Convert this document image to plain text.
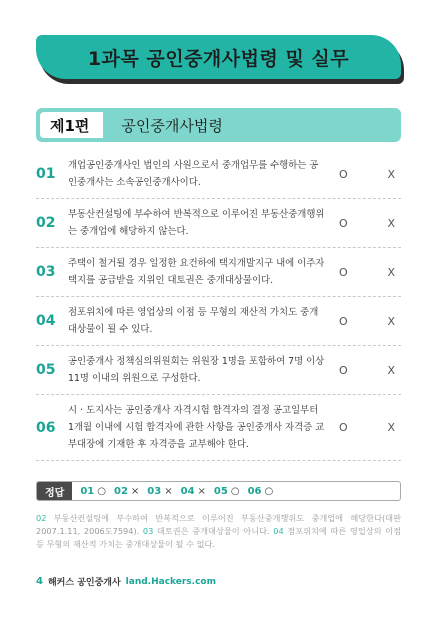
1과목 공인중개사법령 및 실무
제1편	공인중개사법령
01
개업공인중개사인 법인의 사원으로서 중개업무를 수행하는 공인중개사는 소속공인중개사이다.
O	X
02
부동산컨설팅에 부수하여 반복적으로 이루어진 부동산중개행위는 중개업에 해당하지 않는다.
O	X
03
주택이 철거될 경우 일정한 요건하에 택지개발지구 내에 이주자 택지를 공급받을 지위인 대토권은 중개대상물이다.
O	X
04
점포위치에 따른 영업상의 이점 등 무형의 재산적 가치도 중개대상물이 될 수 있다.
O	X
05
공인중개사 정책심의위원회는 위원장 1명을 포함하여 7명 이상 11명 이내의 위원으로 구성한다.
O	X
06
시 · 도지사는 공인중개사 자격시험 합격자의 결정 공고일부터 1개월 이내에 시험 합격자에 관한 사항을 공인중개사 자격증 교부대장에 기재한 후 자격증을 교부해야 한다.
O	X
정답	01 ○ 02 × 03 × 04 × 05 ○ 06 ○

02 부동산컨설팅에 부수하여 반복적으로 이루어진 부동산중개행위도 중개업에 해당한다(대판 2007.1.11, 2006도7594). 03 대토권은 중개대상물이 아니다. 04 점포위치에 따른 영업상의 이점 등 무형의 재산적 가치는 중개대상물이 될 수 없다.

4 해커스 공인중개사 land.Hackers.com
